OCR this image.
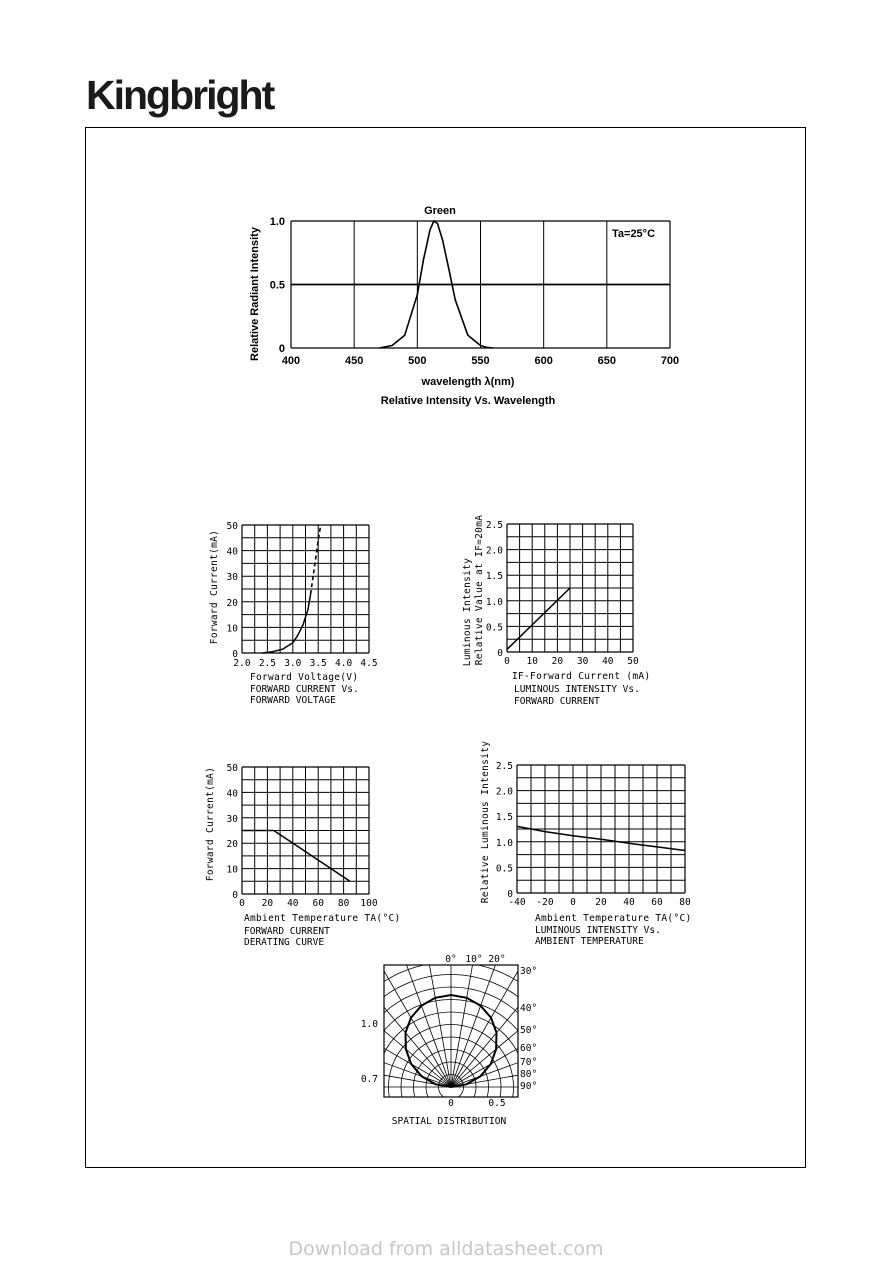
Kingbright
400	450	500	550	600	650	700
0
0.5
1.0
Green
Ta=25°C
wavelength λ(nm)
Relative Radiant Intensity
Relative Intensity Vs. Wavelength
2.0 2.5 3.0 3.5 4.0 4.5
0
10
20
30
40
50
Forward Voltage(V)
Forward Current(mA)
FORWARD CURRENT Vs.
FORWARD VOLTAGE
0 10 20 30 40 50
0
0.5
1.0
1.5
2.0
2.5
IF-Forward Current (mA)
Luminous Intensity Relative Value at IF=20mA
LUMINOUS INTENSITY Vs.
FORWARD CURRENT
0 20 40 60 80 100
0
10
20
30
40
50
Ambient Temperature TA(°C)
Forward Current(mA)
FORWARD CURRENT
DERATING CURVE
-40 -20 0 20 40 60 80
0
0.5
1.0
1.5
2.0
2.5
Ambient Temperature TA(°C)
Relative Luminous Intensity
LUMINOUS INTENSITY Vs.
AMBIENT TEMPERATURE
0° 10° 20°
30°
40°
50°
60°
70°
80°
90°
1.0
0.7
0	0.5
SPATIAL DISTRIBUTION
Download from alldatasheet.com
